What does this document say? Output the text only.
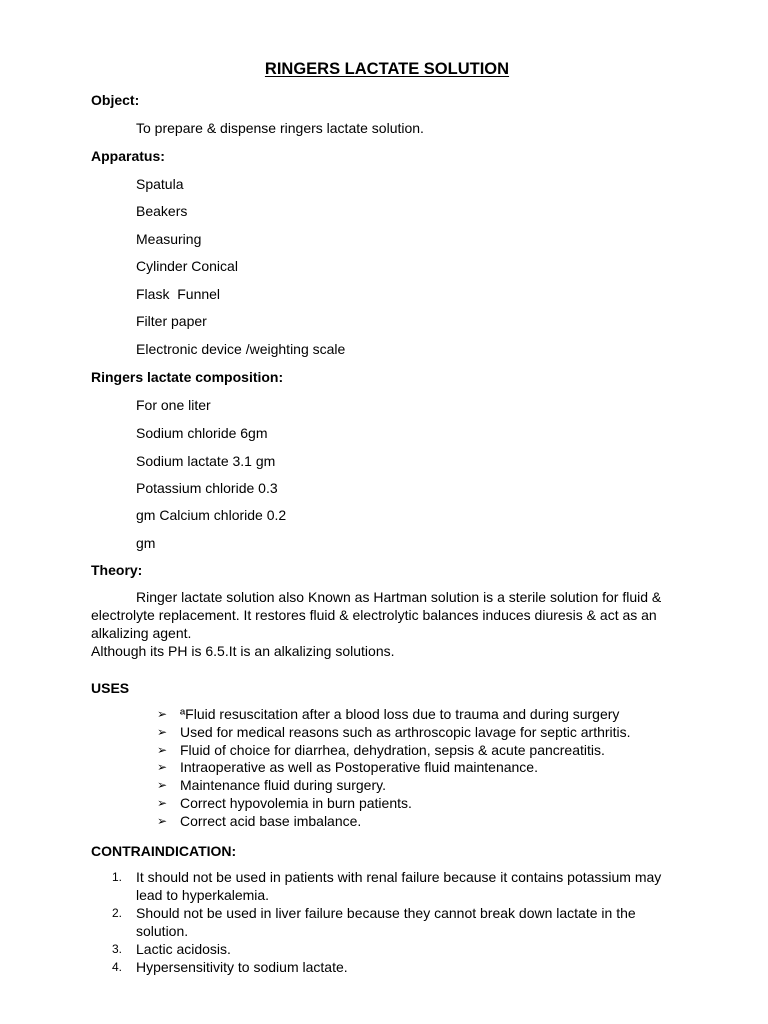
RINGERS LACTATE SOLUTION
Object:
To prepare & dispense ringers lactate solution.
Apparatus:
Spatula
Beakers
Measuring
Cylinder Conical
Flask  Funnel
Filter paper
Electronic device /weighting scale
Ringers lactate composition:
For one liter
Sodium chloride 6gm
Sodium lactate 3.1 gm
Potassium chloride 0.3
gm Calcium chloride 0.2
gm
Theory:

Ringer lactate solution also Known as Hartman solution is a sterile solution for fluid & electrolyte replacement. It restores fluid & electrolytic balances induces diuresis & act as an alkalizing agent.

Although its PH is 6.5.It is an alkalizing solutions.

USES
➢ ªFluid resuscitation after a blood loss due to trauma and during surgery
➢ Used for medical reasons such as arthroscopic lavage for septic arthritis.
➢ Fluid of choice for diarrhea, dehydration, sepsis & acute pancreatitis.
➢ Intraoperative as well as Postoperative fluid maintenance.
➢ Maintenance fluid during surgery.
➢ Correct hypovolemia in burn patients.
➢ Correct acid base imbalance.
CONTRAINDICATION:
1. It should not be used in patients with renal failure because it contains potassium may lead to hyperkalemia.
2. Should not be used in liver failure because they cannot break down lactate in the solution.
3. Lactic acidosis.
4. Hypersensitivity to sodium lactate.
